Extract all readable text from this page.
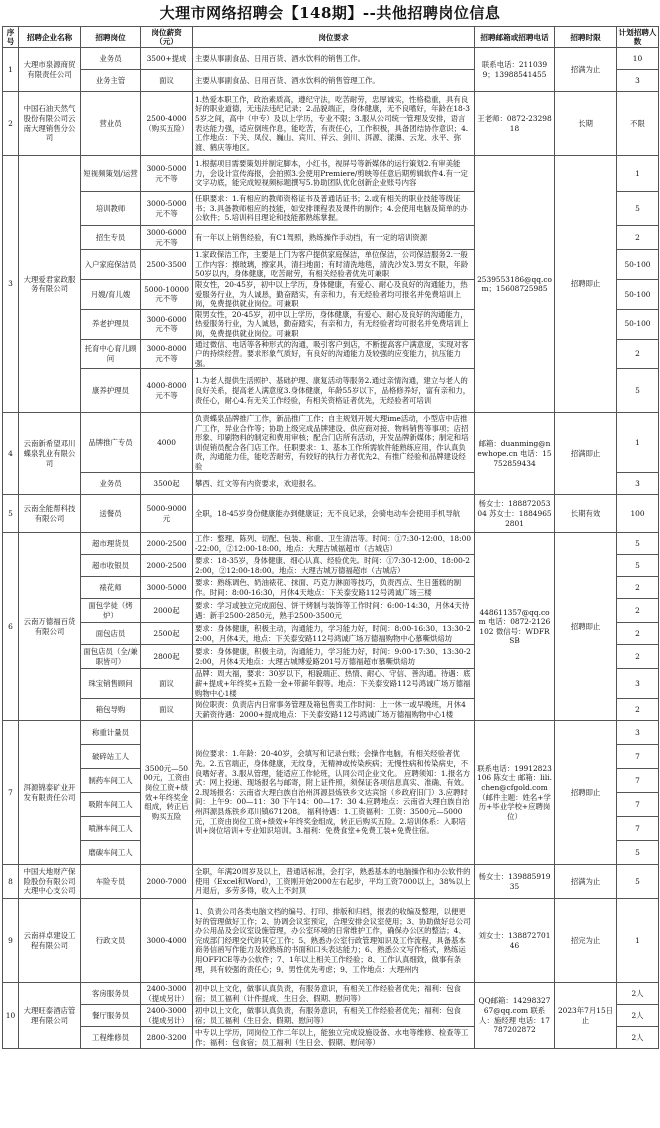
大理市网络招聘会【148期】--共他招聘岗位信息
序号	招聘企业名称	招聘岗位	岗位薪资（元）	岗位要求	招聘邮箱或招聘电话	招聘时限	计划招聘人数
1	大理市泉源商贸有限责任公司	业务员	3500+提成	主要从事副食品、日用百货、酒水饮料的销售工作。	联系电话：2110399；13988541455	招满为止	10
		业务主管	面议	主要从事副食品、日用百货、酒水饮料的销售管理工作。			3
2	中国石油天然气股份有限公司云南大理销售分公司	营业员	2500-4000（购买五险）	1.热爱本职工作，政治素质高，遵纪守法，吃苦耐劳，忠厚诚实，性格稳重，具有良好的职业道德，无违法违纪记录；2.品貌端正，身体健康，无不良嗜好，年龄在18-35岁之间，高中（中专）及以上学历，专业不限；3.服从公司统一管理及安排，语言表达能力强，适应倒班作息，能吃苦，有责任心，工作积极，具备团结协作意识；4.工作地点：下关、凤仪、巍山、宾川、祥云、剑川、洱源、漾濞、云龙、永平、弥渡、鹤庆等地区。	王老师：0872-2329818	长期	不限
3	大理爱君家政服务有限公司	短视频策划/运营	3000-5000元不等	1.根据项目需要策划并制定脚本，小红书，视屏号等新媒体的运行策划2.有审美能力，会设计宣传海报，会拍照3.会使用Premiere/剪映等任意后期剪辑软件4.有一定文字功底，能完成短视频标题撰写5.协助团队优化创新企业账号内容	2539553186@qq.com；15608725985	招聘即止	1
		培训教师	3000-5000元不等	任职要求：1.有相应的教师资格证书及普通话证书；2.或有相关的职业技能等级证书；3.具备教师相应的技能，如安排课程表及课件的制作；4.会使用电脑及简单的办公软件；5.培训科目理论和技能都熟练掌握。			5
		招生专员	3000-6000元不等	有一年以上销售经验，有C1驾照，熟练操作手动挡，有一定的培训资源			2
		入户家庭保洁员	2500-3500	1.家政保洁工作，主要是上门为客户提供家庭保洁，单位保洁，公司保洁服务2.一般工作内容：擦玻璃，擦家具，清扫地面；有时清洗地毯，清洗沙发3.男女不限，年龄50岁以内，身体健康，吃苦耐劳，有相关经验者优先可兼职			50-100
		月嫂/育儿嫂	5000-10000元不等	限女性，20-45岁，初中以上学历，身体健康，有爱心、耐心及良好的沟通能力，热爱服务行业，为人诚恳，勤奋踏实，有亲和力，有无经验者均可报名并免费培训上岗，免费提供就业岗位。可兼职			50-100
		养老护理员	3000-6000元不等	限男女性，20-45岁，初中以上学历，身体健康，有爱心、耐心及良好的沟通能力，热爱服务行业，为人诚恳，勤奋踏实，有亲和力，有无经验者均可报名并免费培训上岗，免费提供就业岗位。可兼职			50-100
		托育中心育儿顾问	3000-8000元不等	通过微信、电话等各种形式的沟通，吸引客户到店，不断提高客户满意度，实现对客户的持续经营。要求形象气质好，有良好的沟通能力及较强的应变能力，抗压能力强。			2
		康养护理员	4000-8000元不等	1.为老人提供生活照护、基础护理、康复活动等服务2.通过亲情沟通，建立与老人的良好关系，提高老人满意度3.身体健康，年龄55岁以下，品格修养好，富有亲和力，责任心，耐心4.有无关工作经验，有相关资格证者优先，无经验者可培训			5
4	云南新希望邓川蝶泉乳业有限公司	品牌推广专员	4000	负责蝶泉品牌推广工作，新品推广工作；自主规划开展大理ime活动，小型店中店推广工作，异业合作等；协助上级完成品牌建设、供应商对接、物料销售等事项；店招形象、印刷物料的制定和费用审核；配合门店所有活动，开发品牌新媒体；制定和培训促销员配合各门店工作。任职要求：1、基本工作所需软件能熟练应用，作认真负责，沟通能力佳，能吃苦耐劳，有较好的执行力者优先2、有推广经验和品牌建设经验	邮箱：duanming@newhope.cn 电话：15752859434	招满即止	1
		业务员	3500起	攀西、红文等有内资要求，欢迎报名。			3
5	云南全能帮科技有限公司	送餐员	5000-9000元	全职，18-45岁身份健康能办到健康证；无不良记录，会骑电动车会使用手机导航	杨女士：18887205304 苏女士：18849652801	长期有效	100
6	云南万德福百货有限公司	超市理货员	2000-2500	工作：整理、陈列、切配、包装、称重、卫生清洁等。时间：①7:30-12:00、18:00-22:00，②12:00-18:00。地点：大理古城福超市（古城店）	448611357@qq.com 电话：0872-2126102 微信号：WDFRSB	招聘即止	5
		超市收银员	2000-2500	要求：18-35岁，身体健康、细心认真、经验优先。时间：①7:30-12:00、18:00-22:00，②12:00-18:00。地点：大理古城万德福超市（古城店）			5
		裱花师	3000-5000	要求：熟练调色、奶油裱花、抹面、巧克力淋面等技巧，负责西点、生日蛋糕的制作。时间：8:00-16:30，月休4天地点：下关泰安路112号鸿诚广场三楼			2
		面包学徒（烤炉）	2000起	要求：学习或独立完成面包、饼干烤制与装饰等工作时间：6:00-14:30，月休4天待遇：新手2500-2850元，熟手2500-3500元			2
		面包店员	2500起	要求：身体健康，积极主动，沟通能力，学习能力好，时间：8:00-16:30、13:30-22:00，月休4天，地点：下关泰安路112号鸿诚广场万德福购物中心慕嘶烘焙坊			2
		面包店员（全/兼职皆可）	2800起	要求：身体健康，积极主动，沟通能力，学习能力好，时间：9:00-17:30、13:30-22:00，月休4天地点：大理古城博爱路201号万德福超市慕嘶烘焙坊			2
		珠宝销售顾问	面议	品牌：周大福，要求：30岁以下，相貌端正、热情、耐心、守信、善沟通。待遇：底薪+提成+年终奖+五险一金+带薪年假等。地点：下关泰安路112号鸿诚广场万德福购物中心1楼			3
		箱包导购	面议	岗位职责：负责店内日常事务管理及箱包售卖工作时间：上一休一或早晚班，月休4天薪资待遇：2000+提成地点：下关泰安路112号鸿诚广场万德福购物中心1楼			2
7	洱源锦泰矿业开发有限责任公司	称重计量员	3500元—5000元，工资由岗位工资+绩效+年终奖金组成，转正后购买五险	岗位要求：1.年龄：20-40岁，会填写和记录台账；会操作电脑，有相关经验者优先。2.五官端正，身体健康，无纹身，无精神或传染疾病；无慢性病和传染病史，不良嗜好者。3.服从管理，能适应工作轮班，认同公司企业文化。 应聘须知：1.报名方式：网上投递、现场报名与邮寄，附上证件照，须保证各项信息真实、准确、有效。2.现场报名：云南省大理白族自治州洱源县炼铁乡文达宾馆（乡政府旧门）3.应聘时间：上午9：00—11：30 下午14：00—17：30 4.应聘地点：云南省大理白族自治州洱源县炼铁乡邓川镇671208。 福利待遇：1.工资福利：工资：3500元—5000元，工资由岗位工资+绩效+年终奖金组成，转正后购买五险。2.培训体系：入职培训+岗位培训+专业知识培训。3.福利：免费食堂+免费工装+免费住宿。	联系电话：19912823106 陈女士 邮箱：lili.chen@cfgold.com（邮件主题：姓名+学历+毕业学校+应聘岗位）	招聘即止	3
		破碎站工人					7
		制药车间工人					7
		吸附车间工人					7
		喷淋车间工人					7
		磨碳车间工人					5
8	中国大地财产保险股份有限公司大理中心支公司	车险专员	2000-7000	全职，年满20周岁及以上，普通话标准，会打字，熟悉基本的电脑操作和办公软件的使用（Excel和Word），工资刚开始2000左右起步，平均工资7000以上，38%以上月退后，多劳多得，收入上不封顶	杨女士：13988591935	招满为止	5
9	云南祥卓建设工程有限公司	行政文员	3000-4000	1、负责公司各类电脑文档的编号、打印、排版和归档，报表的收编及整理，以便更好的管理做好工作；2、协调会议室预定，合理安排会议室使用；3、协助做好总公司办公用品及会议室设施管理，办公室环境的日常维护工作，确保办公区的整洁；4、完成部门经理交代的其它工作；5、熟悉办公室行政管理知识及工作流程，具备基本商务信函写作能力及较熟练的书面和口头表达能力；6、熟悉公文写作格式，熟练运用OFFICE等办公软件；7、1年以上相关工作经验；8、工作认真细致，做事有条理，具有较强的责任心；9、男性优先考虑；9、工作地点：大理州内	刘女士：13887270146	招完为止	1
10	大理旺泰酒店管理有限公司	客房服务员	2400-3000（提成另计）	初中以上文化，做事认真负责，有服务意识，有相关工作经验者优先；福利：包食宿；员工福利（计件提成、生日会、假期、慰问等）	QQ邮箱：1429832767@qq.com 联系人：施经理 电话：17787202872	2023年7月15日止	2人
		餐厅服务员	2400-3000（提成另计）	初中以上文化，做事认真负责，有服务意识，有相关工作经验者优先；福利：包食宿；员工福利（生日会、假期、慰问等）			2人
		工程维修员	2800-3200	中专以上学历，同岗位工作二年以上，能独立完成设施设备、水电等维修、检查等工作；福利：包食宿；员工福利（生日会、假期、慰问等）			2人
